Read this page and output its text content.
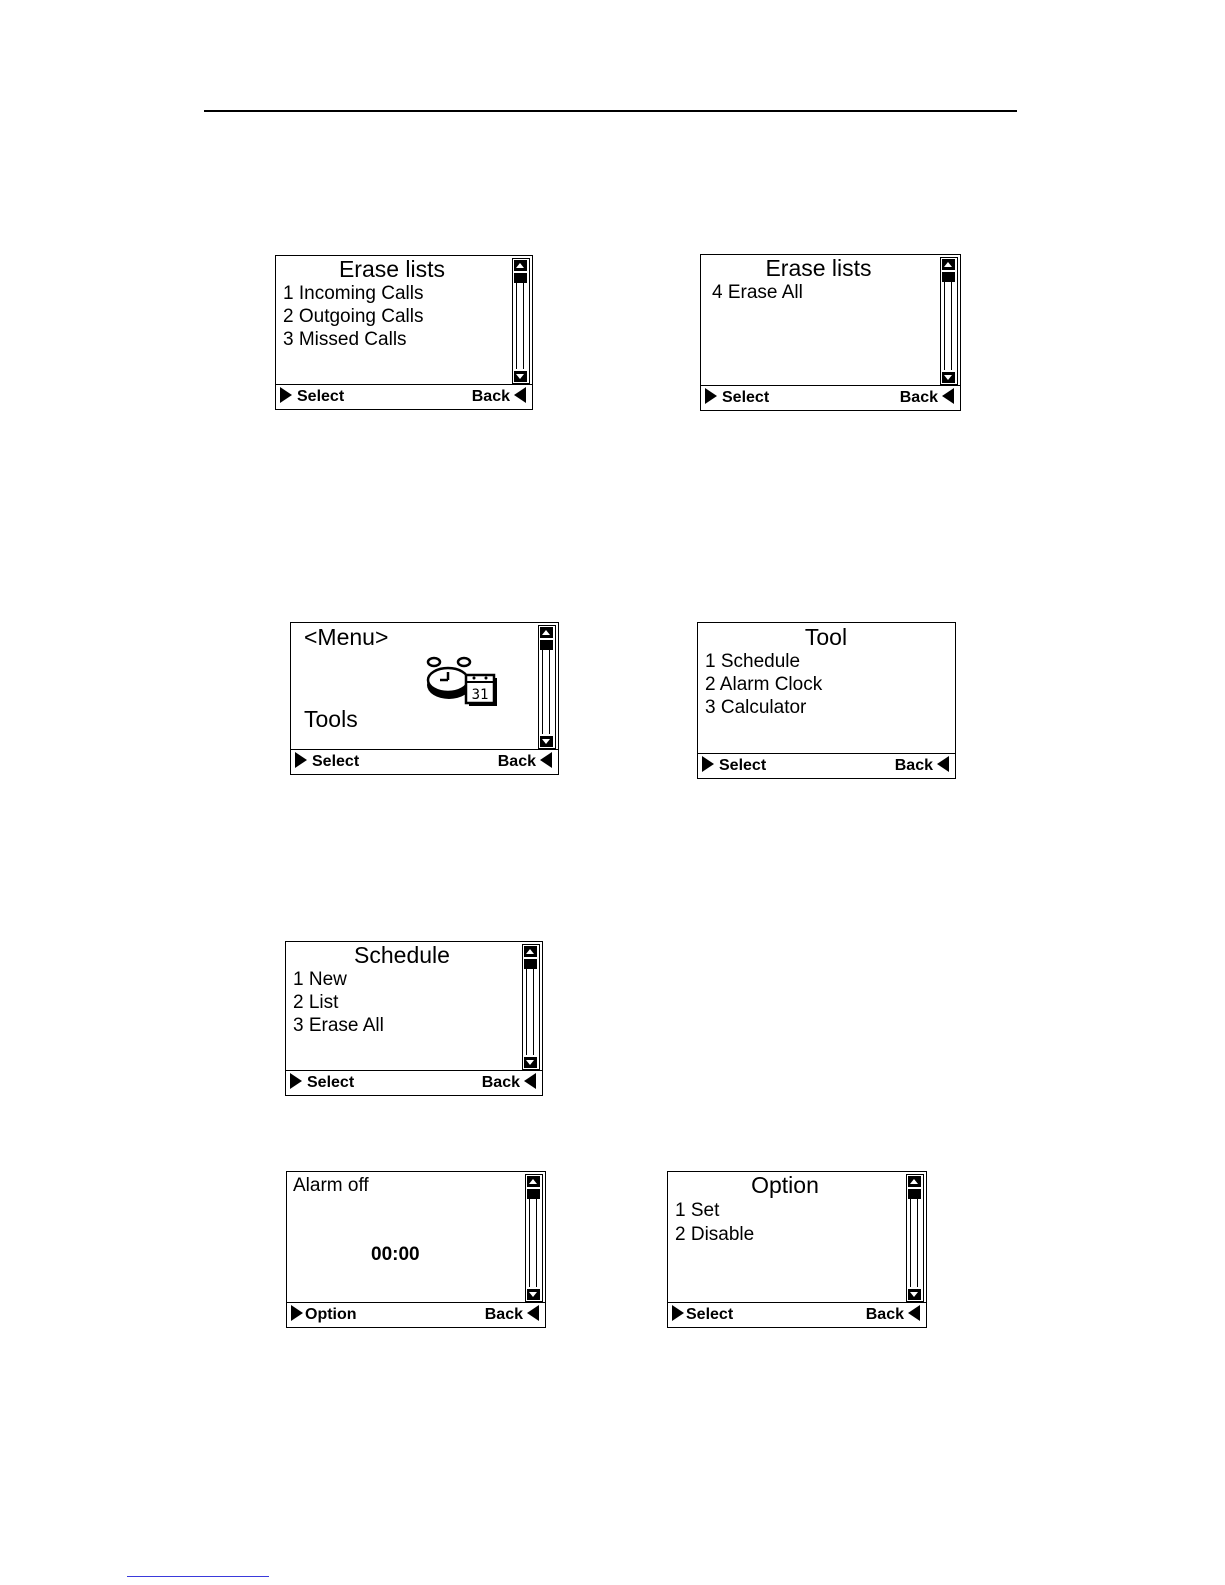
Erase lists
1 Incoming Calls
2 Outgoing Calls
3 Missed Calls
Select	Back
Erase lists
4 Erase All
Select	Back
<Menu>
Tools
31
Select	Back
Tool
1 Schedule
2 Alarm Clock
3 Calculator
Select	Back
Schedule
1 New
2 List
3 Erase All
Select	Back
Alarm off
00:00
Option	Back
Option
1 Set
2 Disable
Select	Back
